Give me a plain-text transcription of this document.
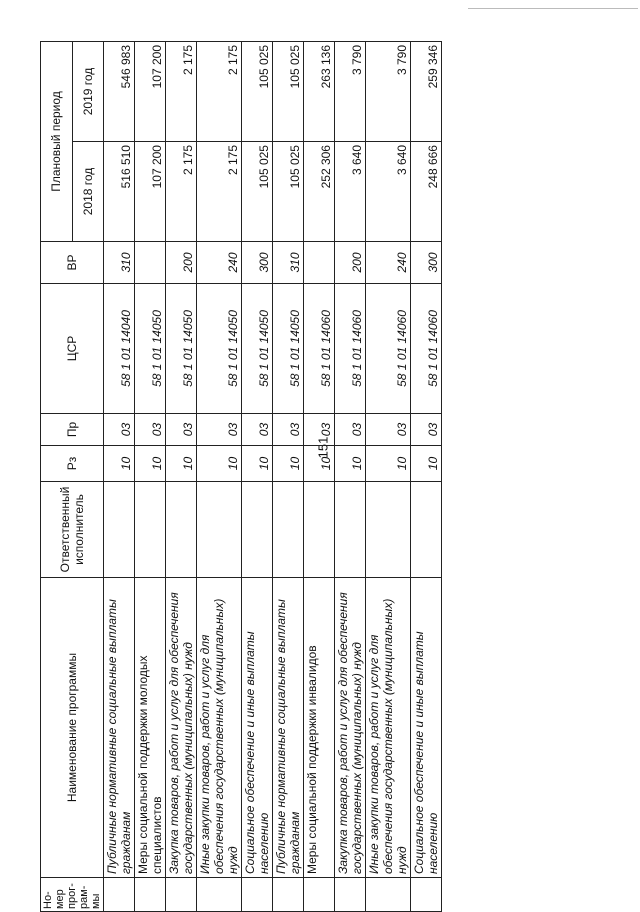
151
Но-мер прог-рам-мы	Наименование программы	Ответственный исполнитель	Рз	Пр	ЦСР	ВР	Плановый период	
							2018 год	2019 год
	Публичные нормативные социальные выплаты гражданам		10	03	58 1 01 14040	310	516 510	546 983
	Меры социальной поддержки молодых специалистов		10	03	58 1 01 14050		107 200	107 200
	Закупка товаров, работ и услуг для обеспечения государственных (муниципальных) нужд		10	03	58 1 01 14050	200	2 175	2 175
	Иные закупки товаров, работ и услуг для обеспечения государственных (муниципальных) нужд		10	03	58 1 01 14050	240	2 175	2 175
	Социальное обеспечение и иные выплаты населению		10	03	58 1 01 14050	300	105 025	105 025
	Публичные нормативные социальные выплаты гражданам		10	03	58 1 01 14050	310	105 025	105 025
	Меры социальной поддержки инвалидов		10	03	58 1 01 14060		252 306	263 136
	Закупка товаров, работ и услуг для обеспечения государственных (муниципальных) нужд		10	03	58 1 01 14060	200	3 640	3 790
	Иные закупки товаров, работ и услуг для обеспечения государственных (муниципальных) нужд		10	03	58 1 01 14060	240	3 640	3 790
	Социальное обеспечение и иные выплаты населению		10	03	58 1 01 14060	300	248 666	259 346
